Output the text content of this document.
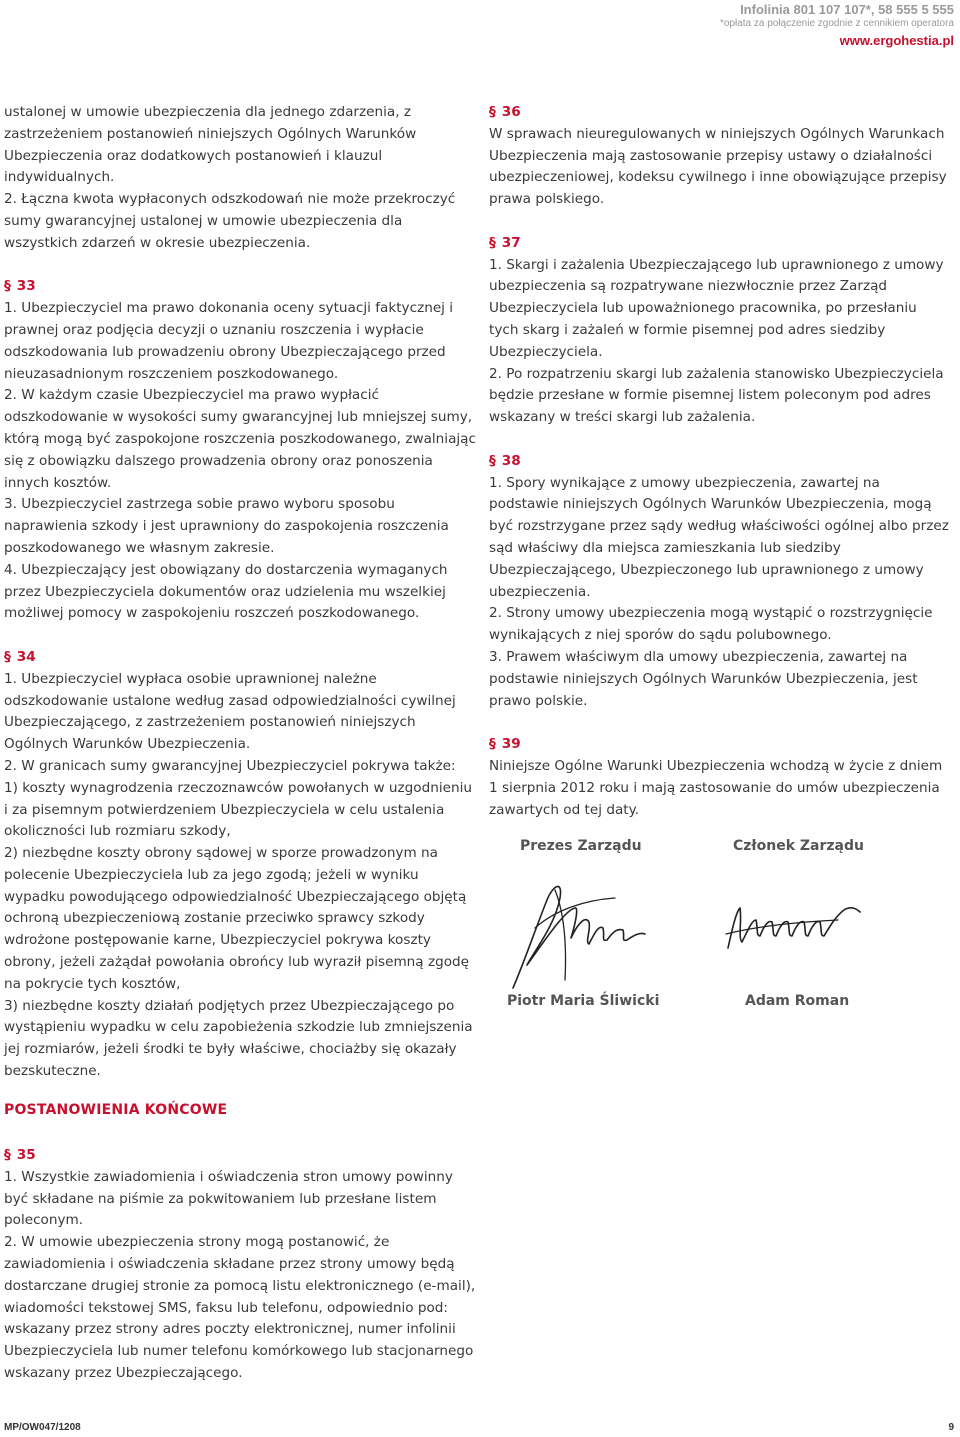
Infolinia 801 107 107*, 58 555 5 555
*opłata za połączenie zgodnie z cennikiem operatora
www.ergohestia.pl

ustalonej w umowie ubezpieczenia dla jednego zdarzenia, z zastrzeżeniem postanowień niniejszych Ogólnych Warunków Ubezpieczenia oraz dodatkowych postanowień i klauzul indywidualnych.

2. Łączna kwota wypłaconych odszkodowań nie może przekroczyć sumy gwarancyjnej ustalonej w umowie ubezpieczenia dla wszystkich zdarzeń w okresie ubezpieczenia.

§ 33

1. Ubezpieczyciel ma prawo dokonania oceny sytuacji faktycznej i prawnej oraz podjęcia decyzji o uznaniu roszczenia i wypłacie odszkodowania lub prowadzeniu obrony Ubezpieczającego przed nieuzasadnionym roszczeniem poszkodowanego.

2. W każdym czasie Ubezpieczyciel ma prawo wypłacić odszkodowanie w wysokości sumy gwarancyjnej lub mniejszej sumy, którą mogą być zaspokojone roszczenia poszkodowanego, zwalniając się z obowiązku dalszego prowadzenia obrony oraz ponoszenia innych kosztów.

3. Ubezpieczyciel zastrzega sobie prawo wyboru sposobu naprawienia szkody i jest uprawniony do zaspokojenia roszczenia poszkodowanego we własnym zakresie.

4. Ubezpieczający jest obowiązany do dostarczenia wymaganych przez Ubezpieczyciela dokumentów oraz udzielenia mu wszelkiej możliwej pomocy w zaspokojeniu roszczeń poszkodowanego.

§ 34

1. Ubezpieczyciel wypłaca osobie uprawnionej należne odszkodowanie ustalone według zasad odpowiedzialności cywilnej Ubezpieczającego, z zastrzeżeniem postanowień niniejszych Ogólnych Warunków Ubezpieczenia.

2. W granicach sumy gwarancyjnej Ubezpieczyciel pokrywa także:

1) koszty wynagrodzenia rzeczoznawców powołanych w uzgodnieniu i za pisemnym potwierdzeniem Ubezpieczyciela w celu ustalenia okoliczności lub rozmiaru szkody,

2) niezbędne koszty obrony sądowej w sporze prowadzonym na polecenie Ubezpieczyciela lub za jego zgodą; jeżeli w wyniku wypadku powodującego odpowiedzialność Ubezpieczającego objętą ochroną ubezpieczeniową zostanie przeciwko sprawcy szkody wdrożone postępowanie karne, Ubezpieczyciel pokrywa koszty obrony, jeżeli zażądał powołania obrońcy lub wyraził pisemną zgodę na pokrycie tych kosztów,

3) niezbędne koszty działań podjętych przez Ubezpieczającego po wystąpieniu wypadku w celu zapobieżenia szkodzie lub zmniejszenia jej rozmiarów, jeżeli środki te były właściwe, chociażby się okazały bezskuteczne.

POSTANOWIENIA KOŃCOWE
§ 35

1. Wszystkie zawiadomienia i oświadczenia stron umowy powinny być składane na piśmie za pokwitowaniem lub przesłane listem poleconym.

2. W umowie ubezpieczenia strony mogą postanowić, że zawiadomienia i oświadczenia składane przez strony umowy będą dostarczane drugiej stronie za pomocą listu elektronicznego (e-mail), wiadomości tekstowej SMS, faksu lub telefonu, odpowiednio pod: wskazany przez strony adres poczty elektronicznej, numer infolinii Ubezpieczyciela lub numer telefonu komórkowego lub stacjonarnego wskazany przez Ubezpieczającego.

§ 36

W sprawach nieuregulowanych w niniejszych Ogólnych Warunkach Ubezpieczenia mają zastosowanie przepisy ustawy o działalności ubezpieczeniowej, kodeksu cywilnego i inne obowiązujące przepisy prawa polskiego.

§ 37

1. Skargi i zażalenia Ubezpieczającego lub uprawnionego z umowy ubezpieczenia są rozpatrywane niezwłocznie przez Zarząd Ubezpieczyciela lub upoważnionego pracownika, po przesłaniu tych skarg i zażaleń w formie pisemnej pod adres siedziby Ubezpieczyciela.

2. Po rozpatrzeniu skargi lub zażalenia stanowisko Ubezpieczyciela będzie przesłane w formie pisemnej listem poleconym pod adres wskazany w treści skargi lub zażalenia.

§ 38

1. Spory wynikające z umowy ubezpieczenia, zawartej na podstawie niniejszych Ogólnych Warunków Ubezpieczenia, mogą być rozstrzygane przez sądy według właściwości ogólnej albo przez sąd właściwy dla miejsca zamieszkania lub siedziby Ubezpieczającego, Ubezpieczonego lub uprawnionego z umowy ubezpieczenia.

2. Strony umowy ubezpieczenia mogą wystąpić o rozstrzygnięcie wynikających z niej sporów do sądu polubownego.

3. Prawem właściwym dla umowy ubezpieczenia, zawartej na podstawie niniejszych Ogólnych Warunków Ubezpieczenia, jest prawo polskie.

§ 39

Niniejsze Ogólne Warunki Ubezpieczenia wchodzą w życie z dniem 1 sierpnia 2012 roku i mają zastosowanie do umów ubezpieczenia zawartych od tej daty.

Prezes Zarządu	Członek Zarządu
Piotr Maria Śliwicki	Adam Roman
MP/OW047/1208	9
